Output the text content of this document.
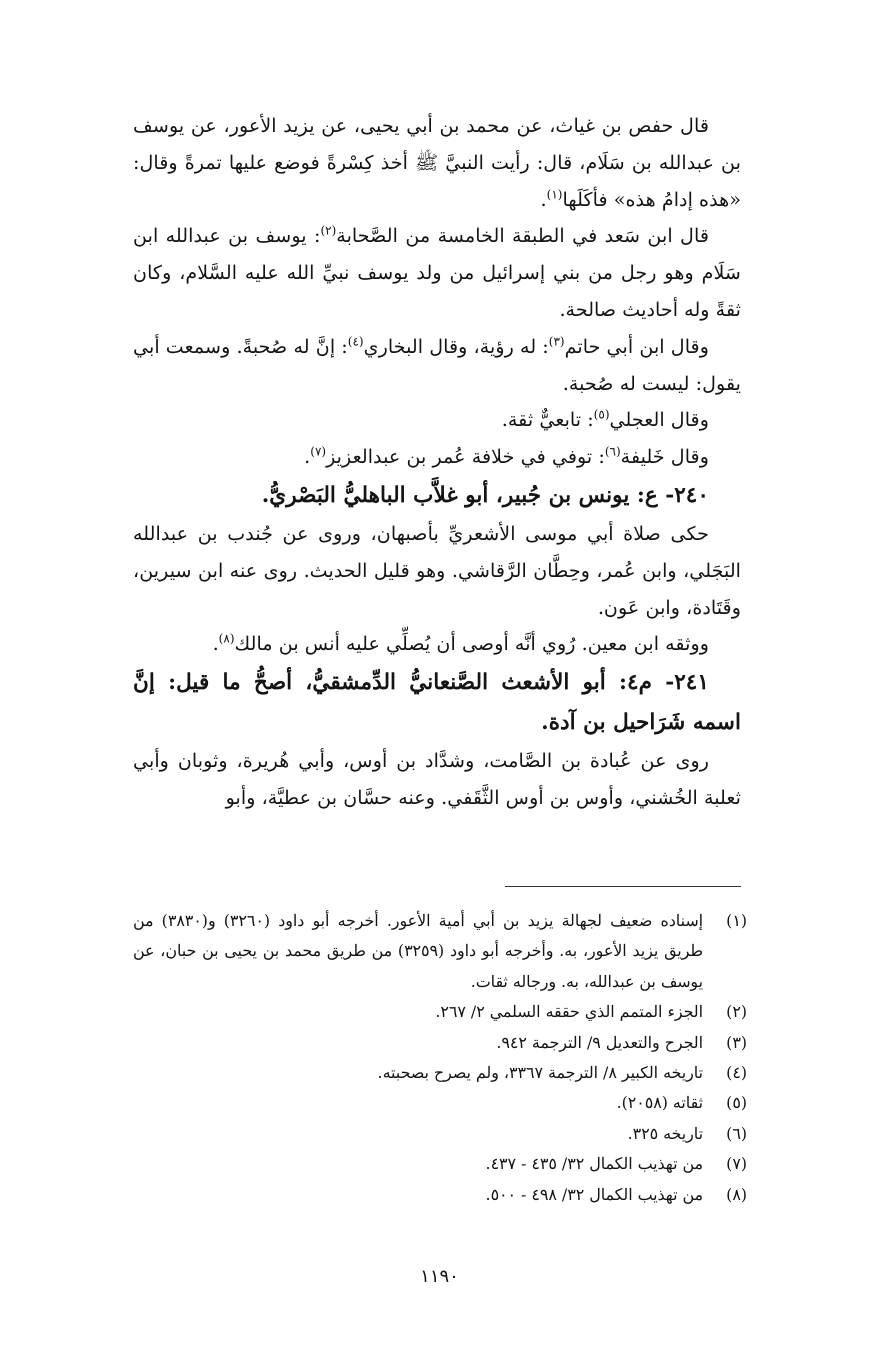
قال حفص بن غياث، عن محمد بن أبي يحيى، عن يزيد الأعور، عن يوسف بن عبدالله بن سَلَام، قال: رأيت النبيَّ ﷺ أخذ كِسْرةً فوضع عليها تمرةً وقال: «هذه إدامُ هذه» فأكَلَها$^{(١)}$.

قال ابن سَعد في الطبقة الخامسة من الصَّحابة$^{(٢)}$: يوسف بن عبدالله ابن سَلَام وهو رجل من بني إسرائيل من ولد يوسف نبيِّ الله عليه السَّلام، وكان ثقةً وله أحاديث صالحة.

وقال ابن أبي حاتم$^{(٣)}$: له رؤية، وقال البخاري$^{(٤)}$: إنَّ له صُحبةً. وسمعت أبي يقول: ليست له صُحبة.

وقال العجلي$^{(٥)}$: تابعيٌّ ثقة.

وقال خَليفة$^{(٦)}$: توفي في خلافة عُمر بن عبدالعزيز$^{(٧)}$.

٢٤٠- ع: يونس بن جُبير، أبو غلاَّب الباهليُّ البَصْريُّ.

حكى صلاة أبي موسى الأشعريِّ بأصبهان، وروى عن جُندب بن عبدالله البَجَلي، وابن عُمر، وحِطَّان الرَّقاشي. وهو قليل الحديث. روى عنه ابن سيرين، وقَتَادة، وابن عَون.

ووثقه ابن معين. رُوي أنَّه أوصى أن يُصلِّي عليه أنس بن مالك$^{(٨)}$.

٢٤١- م٤: أبو الأشعث الصَّنعانيُّ الدِّمشقيُّ، أصحُّ ما قيل: إنَّ اسمه شَرَاحيل بن آدة.

روى عن عُبادة بن الصَّامت، وشدَّاد بن أوس، وأبي هُريرة، وثوبان وأبي ثعلبة الخُشني، وأوس بن أوس الثَّقَفي. وعنه حسَّان بن عطيَّة، وأبو

(١)
إسناده ضعيف لجهالة يزيد بن أبي أمية الأعور. أخرجه أبو داود (٣٢٦٠) و(٣٨٣٠) من طريق يزيد الأعور، به. وأخرجه أبو داود (٣٢٥٩) من طريق محمد بن يحيى بن حبان، عن يوسف بن عبدالله، به. ورجاله ثقات.
(٢)
الجزء المتمم الذي حققه السلمي ٢/ ٢٦٧.
(٣)
الجرح والتعديل ٩/ الترجمة ٩٤٢.
(٤)
تاريخه الكبير ٨/ الترجمة ٣٣٦٧، ولم يصرح بصحبته.
(٥)
ثقاته (٢٠٥٨).
(٦)
تاريخه ٣٢٥.
(٧)
من تهذيب الكمال ٣٢/ ٤٣٥ - ٤٣٧.
(٨)
من تهذيب الكمال ٣٢/ ٤٩٨ - ٥٠٠.
١١٩٠
